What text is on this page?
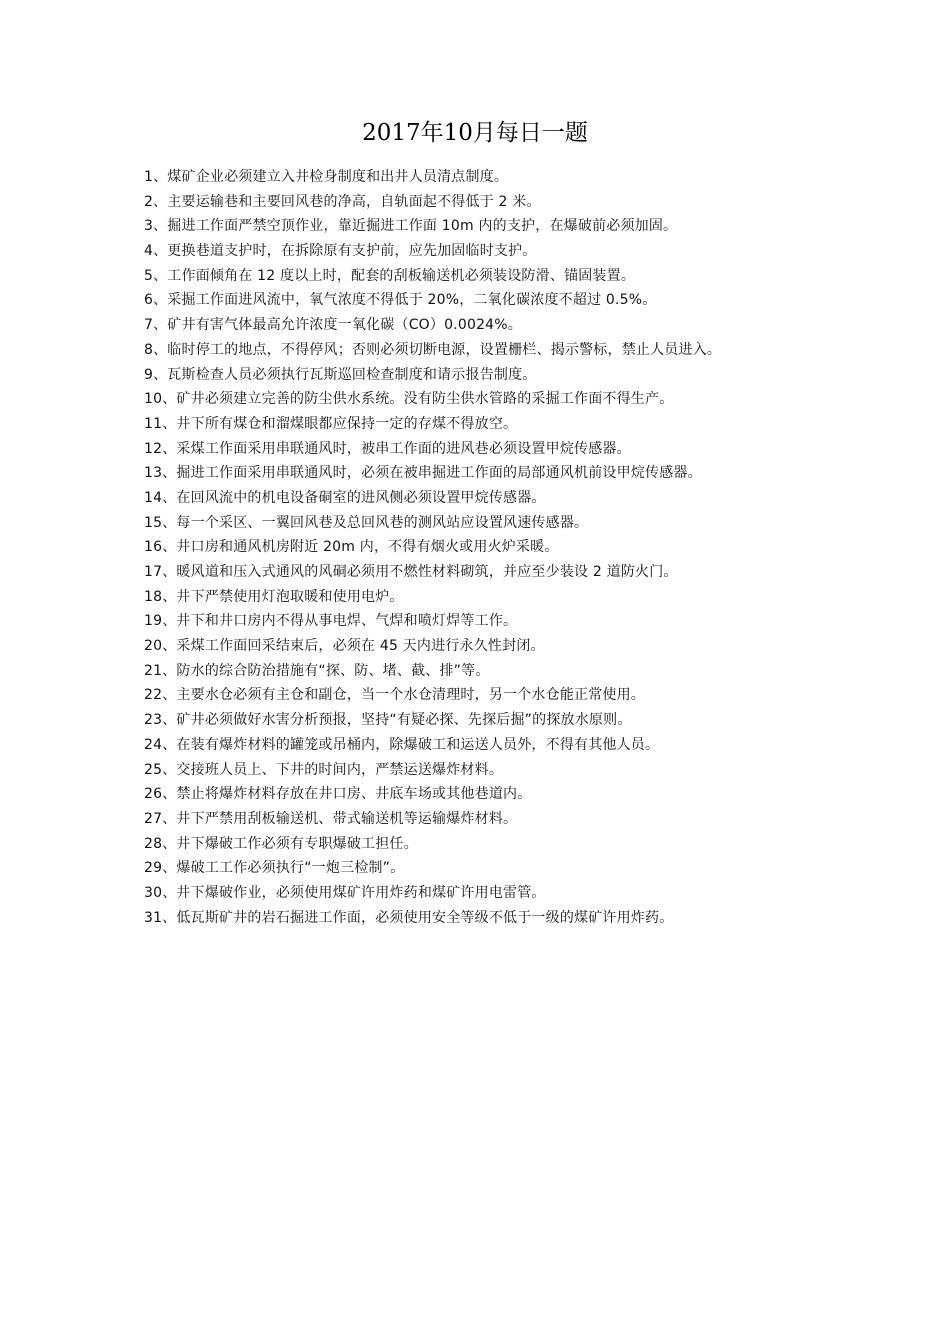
2017年10月每日一题
1、煤矿企业必须建立入井检身制度和出井人员清点制度。
2、主要运输巷和主要回风巷的净高，自轨面起不得低于 2 米。
3、掘进工作面严禁空顶作业，靠近掘进工作面 10m 内的支护，在爆破前必须加固。
4、更换巷道支护时，在拆除原有支护前，应先加固临时支护。
5、工作面倾角在 12 度以上时，配套的刮板输送机必须装设防滑、锚固装置。
6、采掘工作面进风流中，氧气浓度不得低于 20%，二氧化碳浓度不超过 0.5%。
7、矿井有害气体最高允许浓度一氧化碳（CO）0.0024%。
8、临时停工的地点，不得停风；否则必须切断电源，设置栅栏、揭示警标，禁止人员进入。
9、瓦斯检查人员必须执行瓦斯巡回检查制度和请示报告制度。
10、矿井必须建立完善的防尘供水系统。没有防尘供水管路的采掘工作面不得生产。
11、井下所有煤仓和溜煤眼都应保持一定的存煤不得放空。
12、采煤工作面采用串联通风时，被串工作面的进风巷必须设置甲烷传感器。
13、掘进工作面采用串联通风时，必须在被串掘进工作面的局部通风机前设甲烷传感器。
14、在回风流中的机电设备硐室的进风侧必须设置甲烷传感器。
15、每一个采区、一翼回风巷及总回风巷的测风站应设置风速传感器。
16、井口房和通风机房附近 20m 内，不得有烟火或用火炉采暖。
17、暖风道和压入式通风的风硐必须用不燃性材料砌筑，并应至少装设 2 道防火门。
18、井下严禁使用灯泡取暖和使用电炉。
19、井下和井口房内不得从事电焊、气焊和喷灯焊等工作。
20、采煤工作面回采结束后，必须在 45 天内进行永久性封闭。
21、防水的综合防治措施有“探、防、堵、截、排”等。
22、主要水仓必须有主仓和副仓，当一个水仓清理时，另一个水仓能正常使用。
23、矿井必须做好水害分析预报，坚持“有疑必探、先探后掘”的探放水原则。
24、在装有爆炸材料的罐笼或吊桶内，除爆破工和运送人员外，不得有其他人员。
25、交接班人员上、下井的时间内，严禁运送爆炸材料。
26、禁止将爆炸材料存放在井口房、井底车场或其他巷道内。
27、井下严禁用刮板输送机、带式输送机等运输爆炸材料。
28、井下爆破工作必须有专职爆破工担任。
29、爆破工工作必须执行“一炮三检制”。
30、井下爆破作业，必须使用煤矿许用炸药和煤矿许用电雷管。
31、低瓦斯矿井的岩石掘进工作面，必须使用安全等级不低于一级的煤矿许用炸药。
